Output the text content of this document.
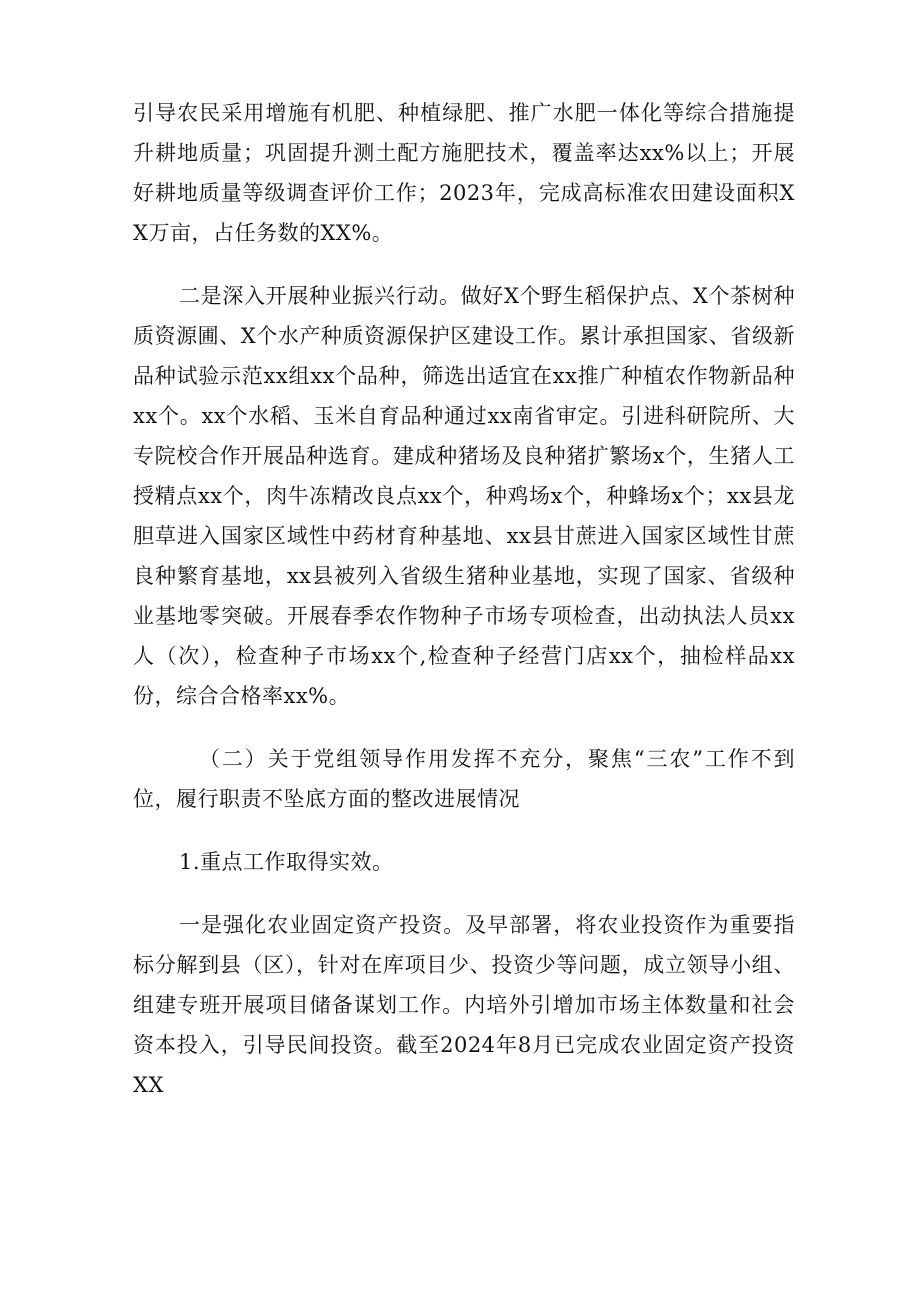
引导农民采用增施有机肥、种植绿肥、推广水肥一体化等综合措施提升耕地质量；巩固提升测土配方施肥技术，覆盖率达xx%以上；开展好耕地质量等级调查评价工作；2023年，完成高标准农田建设面积XX万亩，占任务数的XX%。

二是深入开展种业振兴行动。做好X个野生稻保护点、X个茶树种质资源圃、X个水产种质资源保护区建设工作。累计承担国家、省级新品种试验示范xx组xx个品种，筛选出适宜在xx推广种植农作物新品种xx个。xx个水稻、玉米自育品种通过xx南省审定。引进科研院所、大专院校合作开展品种选育。建成种猪场及良种猪扩繁场x个，生猪人工授精点xx个，肉牛冻精改良点xx个，种鸡场x个，种蜂场x个；xx县龙胆草进入国家区域性中药材育种基地、xx县甘蔗进入国家区域性甘蔗良种繁育基地，xx县被列入省级生猪种业基地，实现了国家、省级种业基地零突破。开展春季农作物种子市场专项检查，出动执法人员xx人（次），检查种子市场xx个,检查种子经营门店xx个，抽检样品xx份，综合合格率xx%。

（二）关于党组领导作用发挥不充分，聚焦“三农”工作不到位，履行职责不坠底方面的整改进展情况

1.重点工作取得实效。

一是强化农业固定资产投资。及早部署，将农业投资作为重要指标分解到县（区），针对在库项目少、投资少等问题，成立领导小组、组建专班开展项目储备谋划工作。内培外引增加市场主体数量和社会资本投入，引导民间投资。截至2024年8月已完成农业固定资产投资XX
